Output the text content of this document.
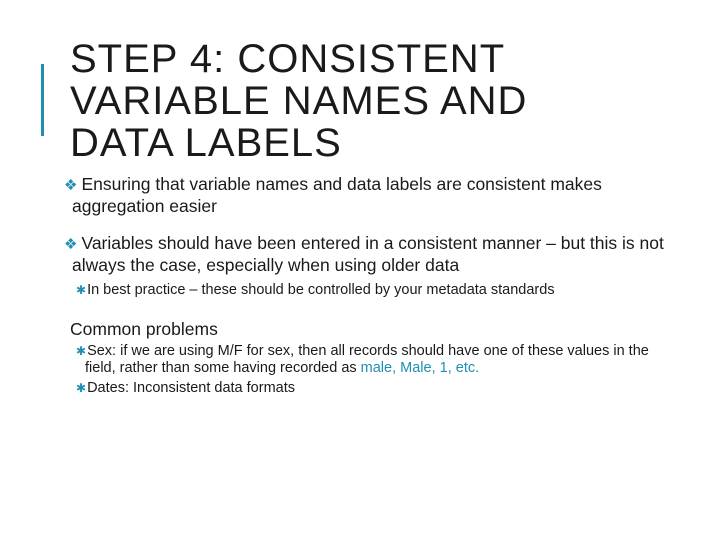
STEP 4: CONSISTENT
VARIABLE NAMES AND
DATA LABELS

❖ Ensuring that variable names and data labels are consistent makes aggregation easier

❖ Variables should have been entered in a consistent manner – but this is not always the case, especially when using older data

✱In best practice – these should be controlled by your metadata standards

Common problems

✱Sex: if we are using M/F for sex, then all records should have one of these values in the field, rather than some having recorded as male, Male, 1, etc.

✱Dates: Inconsistent data formats
